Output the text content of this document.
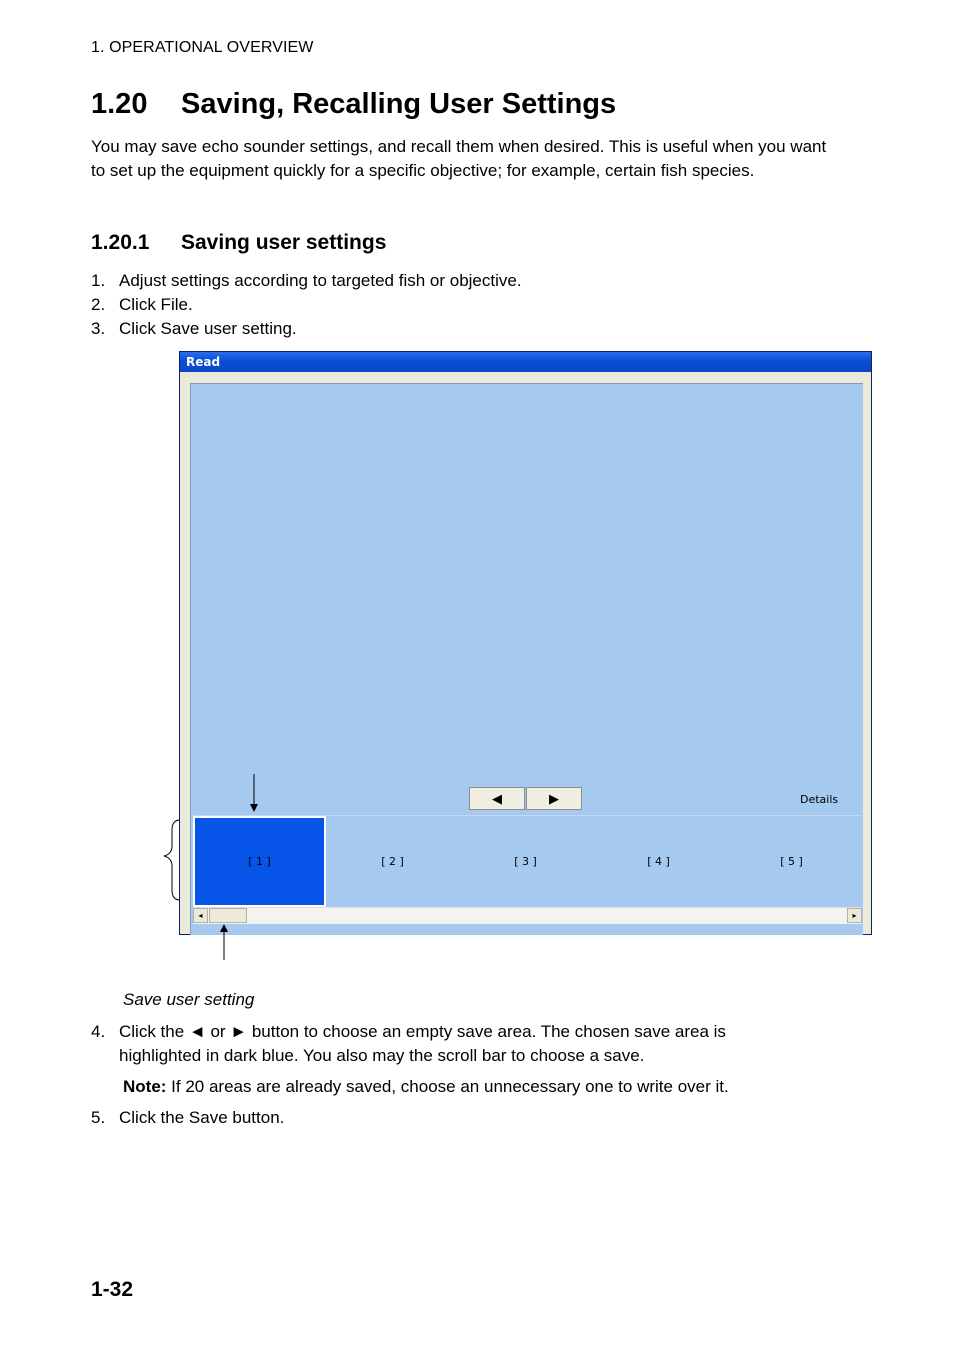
1. OPERATIONAL OVERVIEW
1.20 Saving, Recalling User Settings
You may save echo sounder settings, and recall them when desired. This is useful when you want to set up the equipment quickly for a specific objective; for example, certain fish species.
1.20.1 Saving user settings
1. Adjust settings according to targeted fish or objective.
2. Click File.
3. Click Save user setting.
Read
◀	▶	Details
[ 1 ]	[ 2 ]	[ 3 ]	[ 4 ]	[ 5 ]
◂	▸
Save user setting
4. Click the ◄ or ► button to choose an empty save area. The chosen save area is highlighted in dark blue. You also may the scroll bar to choose a save.
Note: If 20 areas are already saved, choose an unnecessary one to write over it.
5. Click the Save button.
1-32
